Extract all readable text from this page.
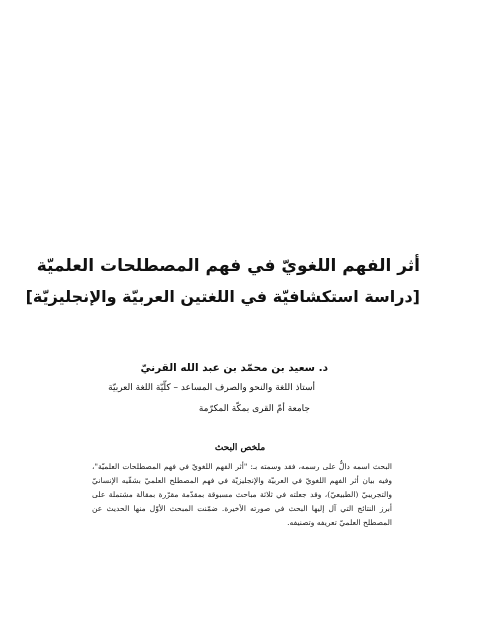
أثر الفهم اللغويّ في فهم المصطلحات العلميّة
[دراسة استكشافيّة في اللغتين العربيّة والإنجليزيّة]
د. سعيد بن محمّد بن عبد الله القرنيّ
أستاذ اللغة والنحو والصرف المساعد – كلّيّة اللغة العربيّة
جامعة أمّ القرى بمكّة المكرّمة
ملخص البحث

البحث اسمه دالٌّ على رسمه، فقد وسمته بـ: "أثر الفهم اللغويّ في فهم المصطلحات العلميّة"، وفيه بيان أثر الفهم اللغويّ في العربيّة والإنجليزيّة في فهم المصطلح العلميّ بشقّيه الإنسانيّ والتجريبيّ (الطبيعيّ)، وقد جعلته في ثلاثة مباحث مسبوقة بمقدّمة مقرّرة بمقالة مشتملة على أبرز النتائج التي آل إليها البحث في صورته الأخيرة. ضمّنت المبحث الأوّل منها الحديث عن المصطلح العلميّ تعريفه وتصنيفه.
